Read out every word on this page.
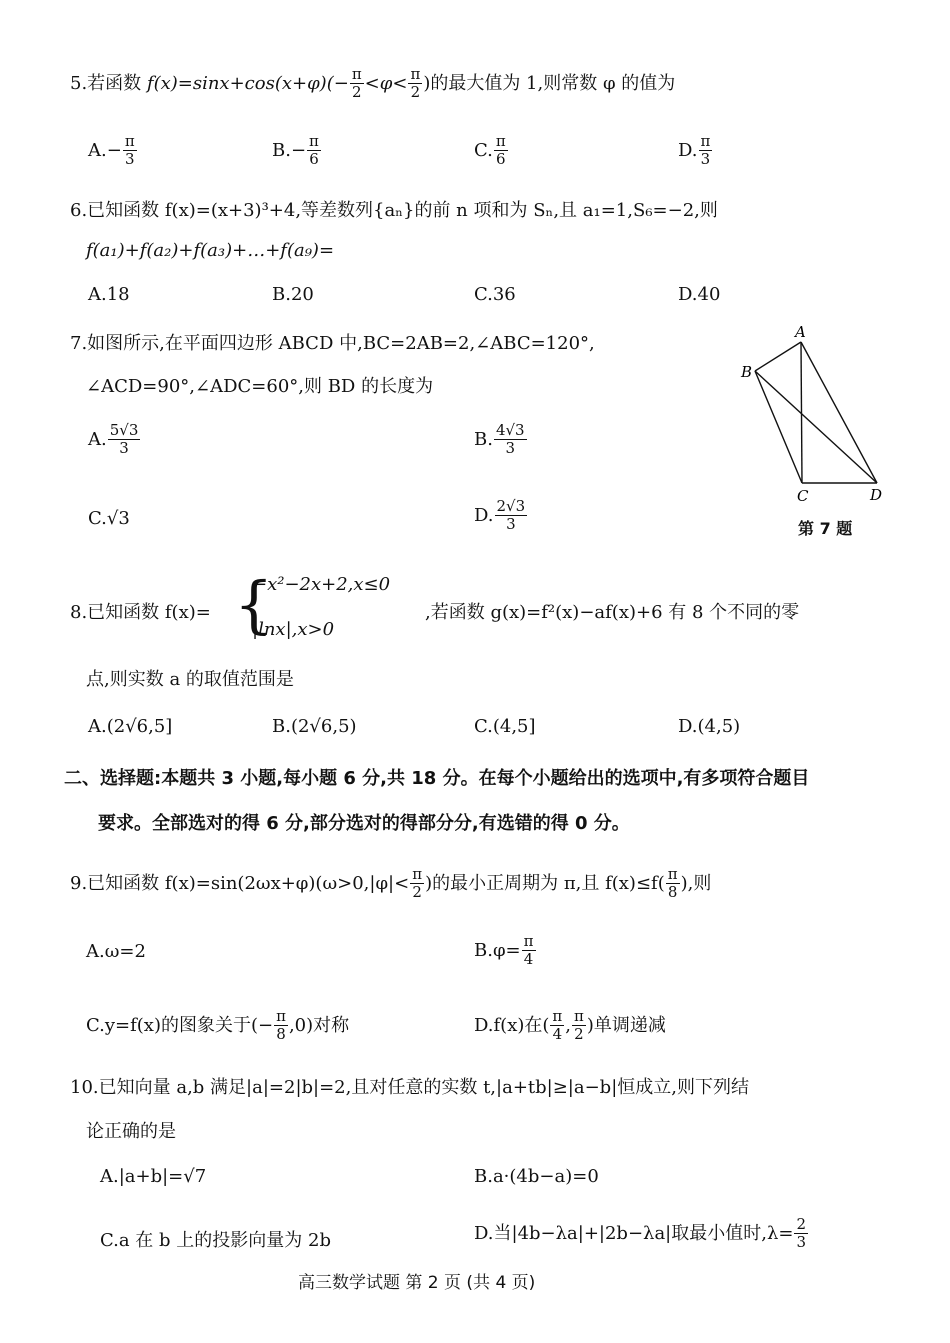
5.若函数 $f(x)=\sin x+\cos(x+\varphi)(- \frac{\pi}{2} <\varphi< \frac{\pi}{2}$ )的最大值为 1,则常数 φ 的值为
$A.- \frac{\pi}{3}$	$B.- \frac{\pi}{6}$	C. $\frac{\pi}{6}$	D. $\frac{\pi}{3}$
6.已知函数 f(x)=(x+3)³+4,等差数列{aₙ}的前 n 项和为 Sₙ,且 a₁=1,S₆=−2,则
f(a₁)+f(a₂)+f(a₃)+…+f(a₉)=
A.18	B.20	C.36	D.40
7.如图所示,在平面四边形 ABCD 中,BC=2AB=2,∠ABC=120°,
∠ACD=90°,∠ADC=60°,则 BD 的长度为
A. $\frac{5√3}{3}$	B. $\frac{4√3}{3}$
C.√3	D. $\frac{2√3}{3}$
A
B
C	D
第 7 题
8.已知函数 f(x)= {
−x²−2x+2,x≤0
|lnx|,x>0
,若函数 g(x)=f²(x)−af(x)+6 有 8 个不同的零
点,则实数 a 的取值范围是
A.(2√6,5]	B.(2√6,5)	C.(4,5]	D.(4,5)
二、选择题:本题共 3 小题,每小题 6 分,共 18 分。在每个小题给出的选项中,有多项符合题目
要求。全部选对的得 6 分,部分选对的得部分分,有选错的得 0 分。
9.已知函数 $f(x)=\sin(2\omega x+\varphi)(\omega>0,|\varphi|< \frac{\pi}{2}$ )的最小正周期为 π,且 $f(x)\le f( \frac{\pi}{8}$ ),则
A.ω=2	$B.\varphi= \frac{\pi}{4}$
C.y=f(x)的图象关于(− $\frac{\pi}{8} ,0$)对称	D.f(x)在( $\frac{\pi}{4}$ , $\frac{\pi}{2}$ )单调递减
10.已知向量 a,b 满足|a|=2|b|=2,且对任意的实数 t,|a+tb|≥|a−b|恒成立,则下列结
论正确的是
A.|a+b|=√7	B.a·(4b−a)=0
C.a 在 b 上的投影向量为 2b	D.当|4b−λa|+|2b−λa|取最小值时$,\lambda= \frac{2}{3}$
高三数学试题 第 2 页 (共 4 页)
